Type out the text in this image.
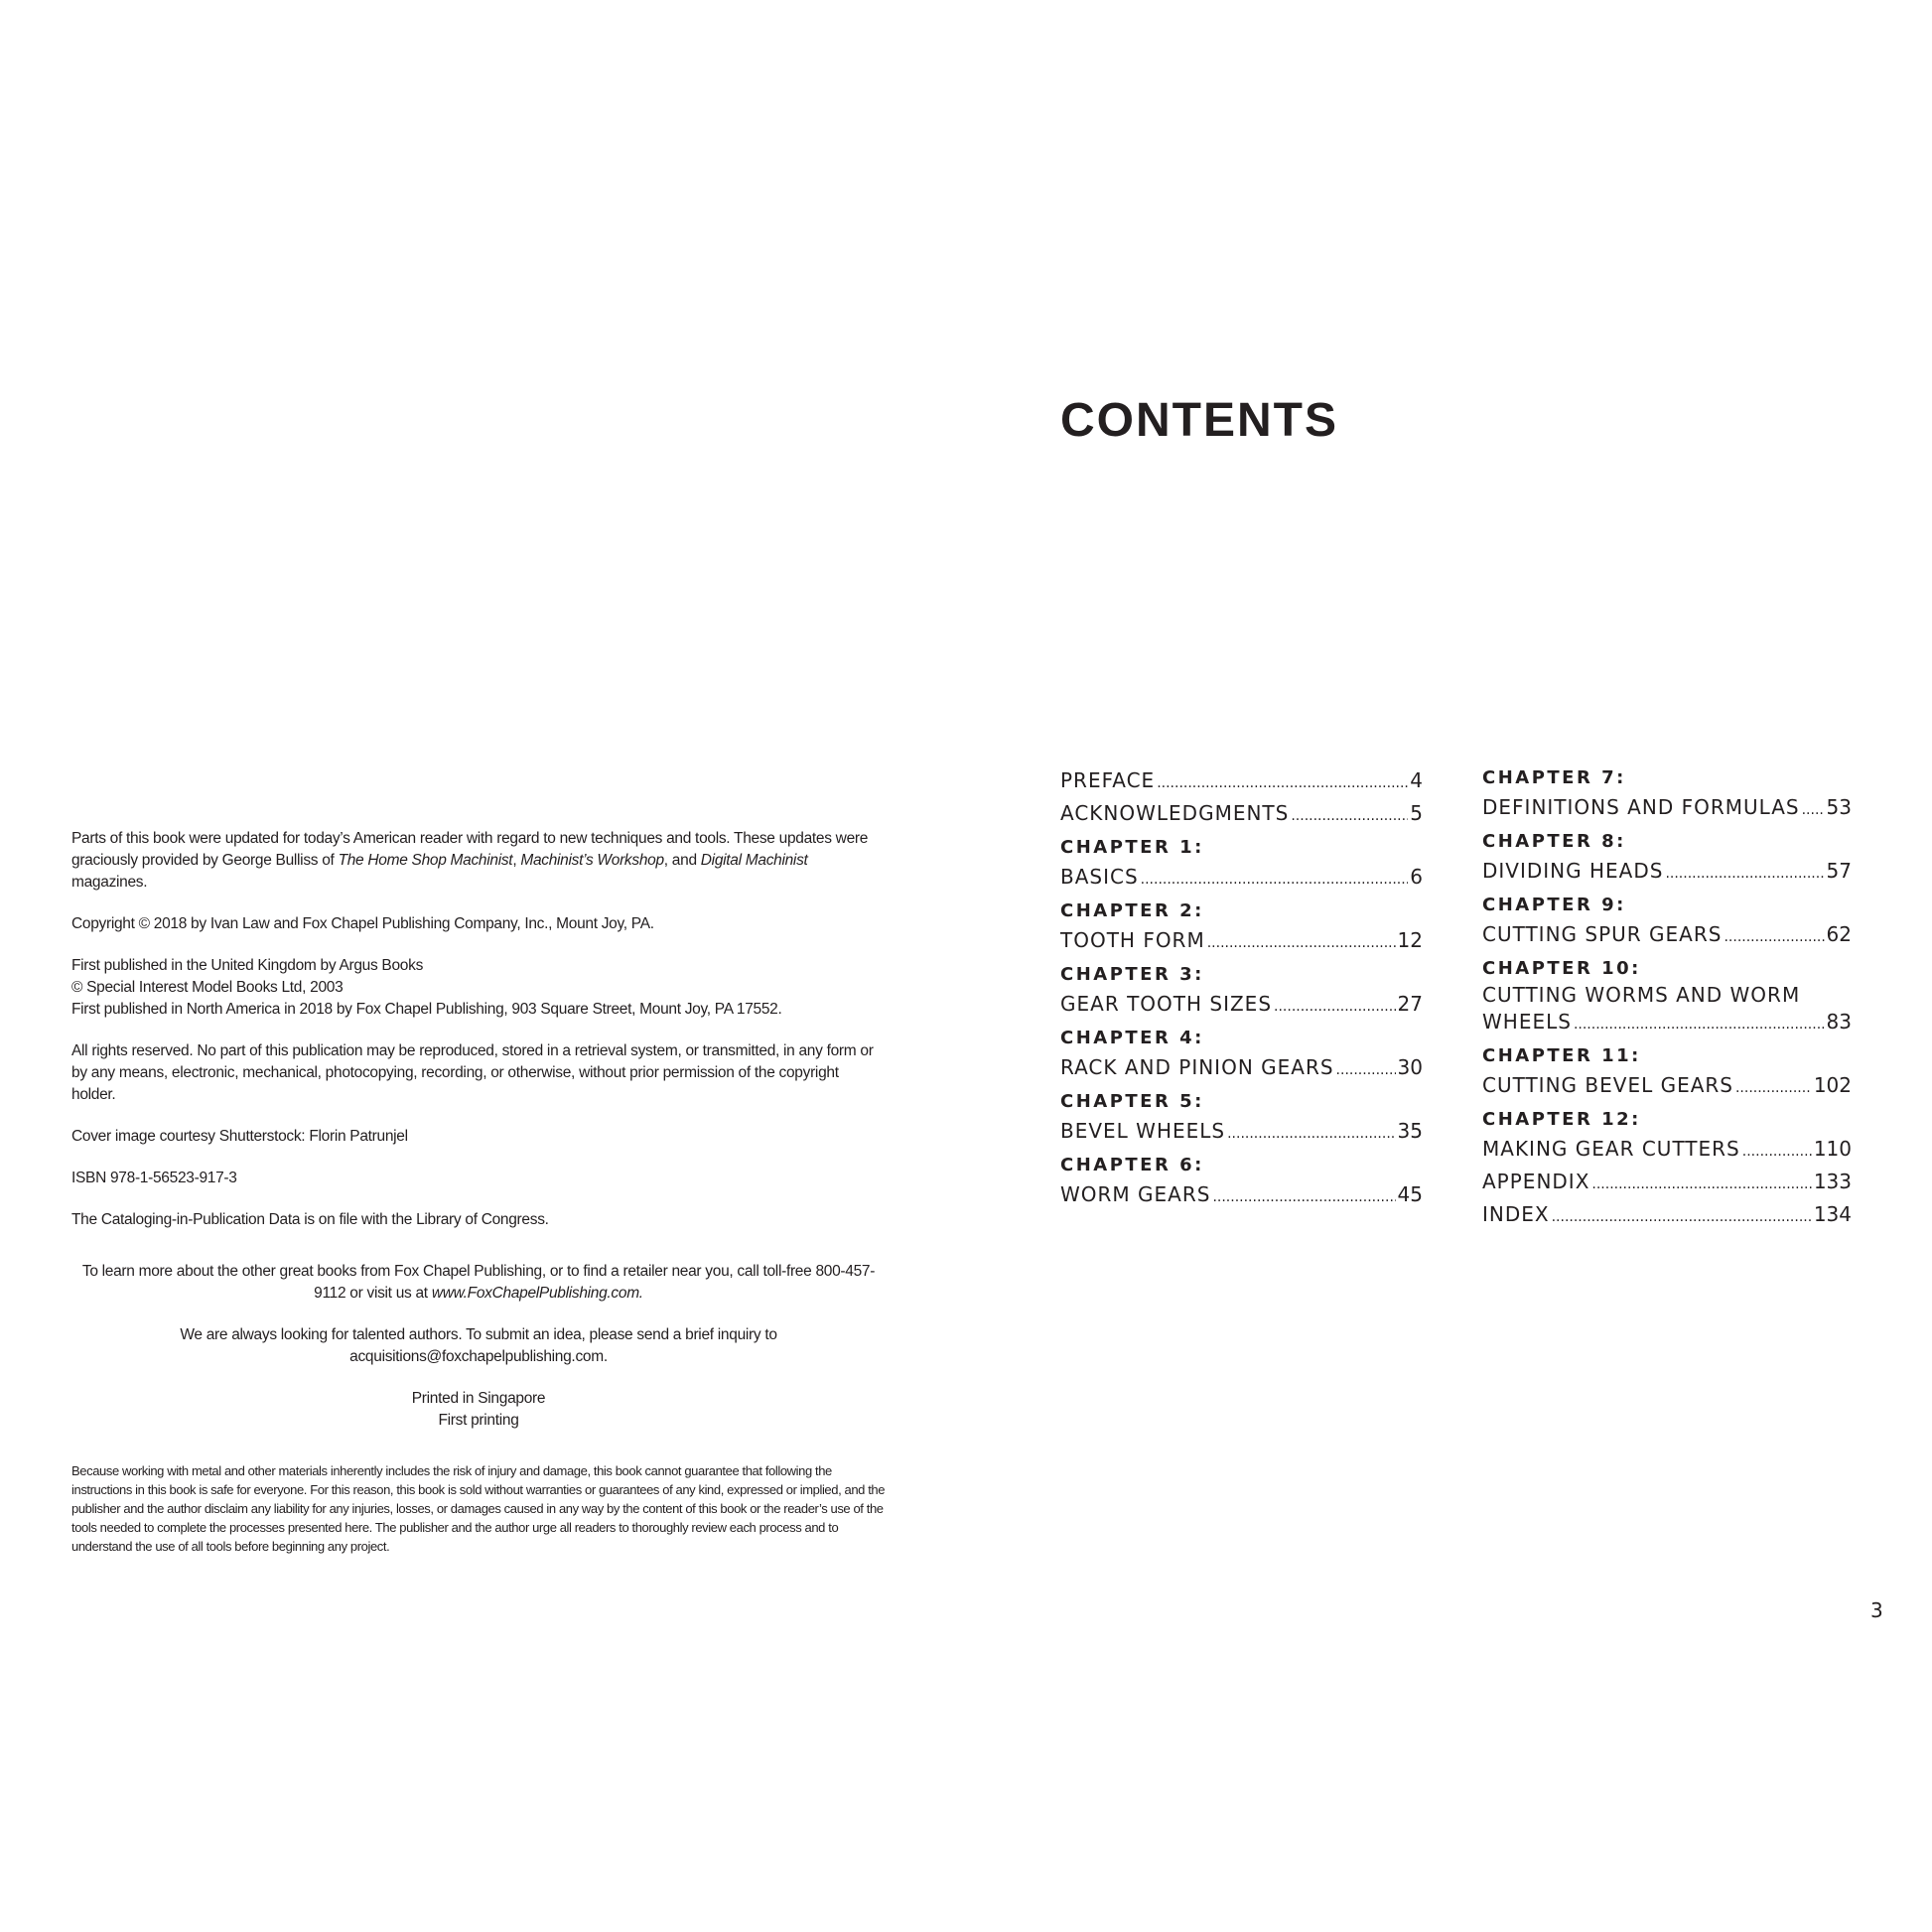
Parts of this book were updated for today’s American reader with regard to new techniques and tools. These updates were graciously provided by George Bulliss of The Home Shop Machinist, Machinist’s Workshop, and Digital Machinist magazines.

Copyright © 2018 by Ivan Law and Fox Chapel Publishing Company, Inc., Mount Joy, PA.

First published in the United Kingdom by Argus Books
© Special Interest Model Books Ltd, 2003
First published in North America in 2018 by Fox Chapel Publishing, 903 Square Street, Mount Joy, PA 17552.

All rights reserved. No part of this publication may be reproduced, stored in a retrieval system, or transmitted, in any form or by any means, electronic, mechanical, photocopying, recording, or otherwise, without prior permission of the copyright holder.

Cover image courtesy Shutterstock: Florin Patrunjel

ISBN 978-1-56523-917-3

The Cataloging-in-Publication Data is on file with the Library of Congress.

To learn more about the other great books from Fox Chapel Publishing, or to find a retailer near you, call toll-free 800-457-9112 or visit us at www.FoxChapelPublishing.com.

We are always looking for talented authors. To submit an idea, please send a brief inquiry to acquisitions@foxchapelpublishing.com.

Printed in Singapore
First printing

Because working with metal and other materials inherently includes the risk of injury and damage, this book cannot guarantee that following the instructions in this book is safe for everyone. For this reason, this book is sold without warranties or guarantees of any kind, expressed or implied, and the publisher and the author disclaim any liability for any injuries, losses, or damages caused in any way by the content of this book or the reader’s use of the tools needed to complete the processes presented here. The publisher and the author urge all readers to thoroughly review each process and to understand the use of all tools before beginning any project.

CONTENTS
PREFACE .....	4
ACKNOWLEDGMENTS .....	5
CHAPTER 1:
BASICS .....	6
CHAPTER 2:
TOOTH FORM .....	12
CHAPTER 3:
GEAR TOOTH SIZES .....	27
CHAPTER 4:
RACK AND PINION GEARS .....	30
CHAPTER 5:
BEVEL WHEELS .....	35
CHAPTER 6:
WORM GEARS .....	45
CHAPTER 7:
DEFINITIONS AND FORMULAS ..... 53
CHAPTER 8:
DIVIDING HEADS .....	57
CHAPTER 9:
CUTTING SPUR GEARS .....	62
CHAPTER 10:
CUTTING WORMS AND WORM
WHEELS .....	83
CHAPTER 11:
CUTTING BEVEL GEARS .....	102
CHAPTER 12:
MAKING GEAR CUTTERS .....	110
APPENDIX .....	133
INDEX .....	134
3
